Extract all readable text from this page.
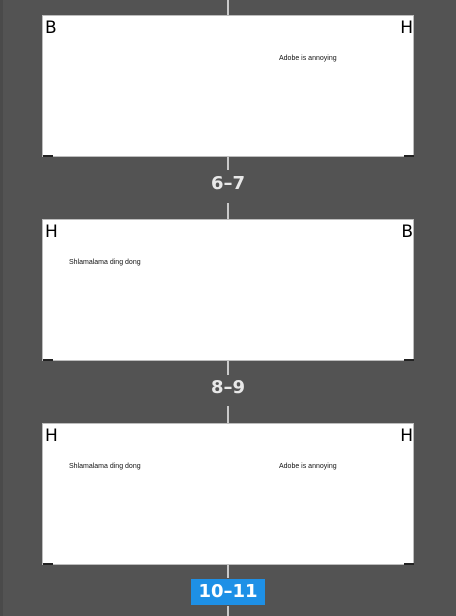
B	H
Adobe is annoying
6–7
H
Shlamalama ding dong
B
8–9
H
Shlamalama ding dong
H
Adobe is annoying
10–11
